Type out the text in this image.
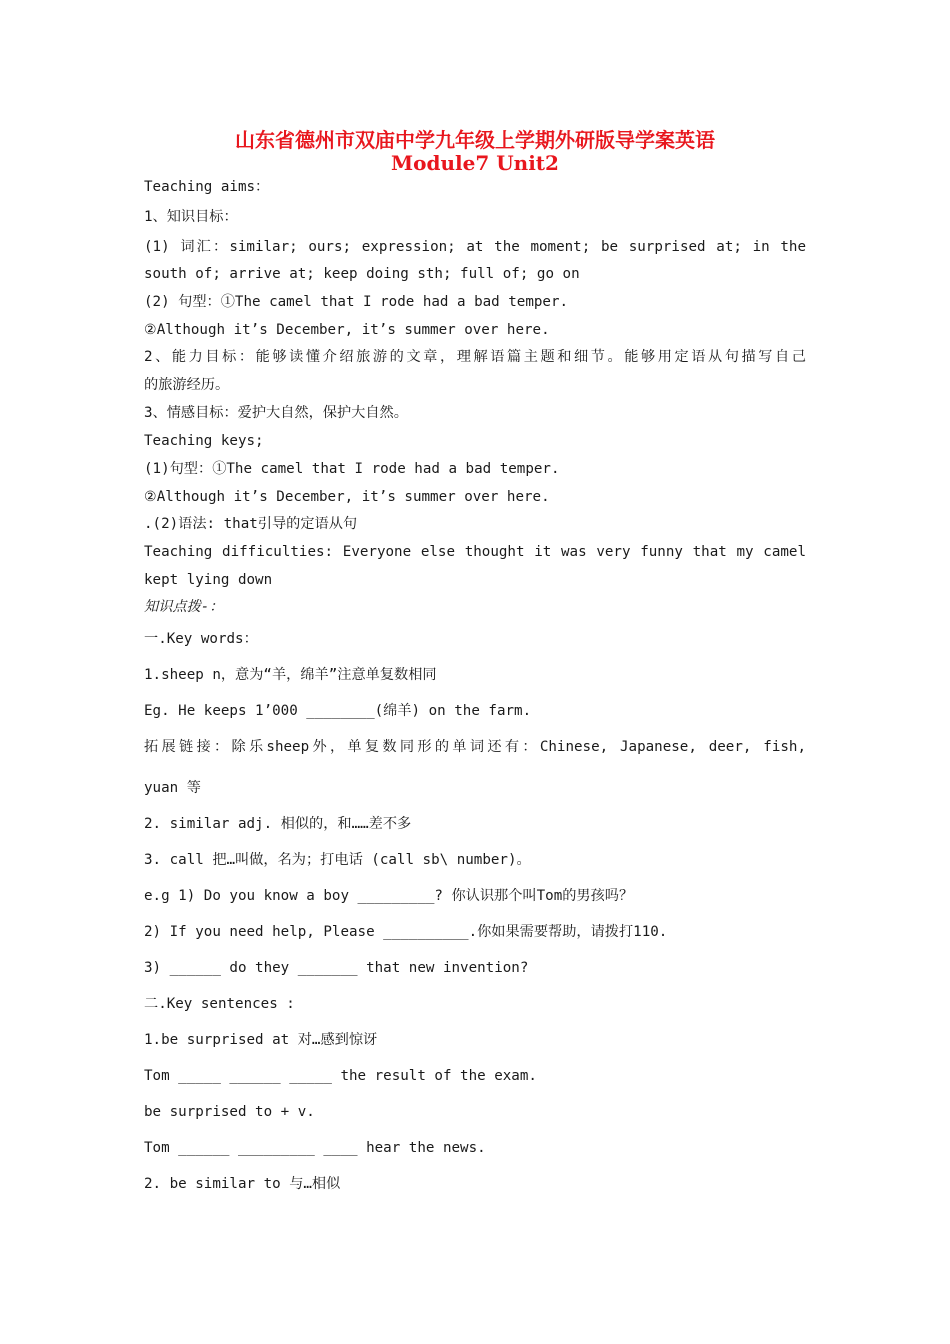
山东省德州市双庙中学九年级上学期外研版导学案英语
Module7 Unit2
Teaching aims：
1、知识目标：
(1) 词汇：similar; ours; expression; at the moment; be surprised at; in the
south of; arrive at; keep doing sth; full of; go on
(2) 句型：①The camel that I rode had a bad temper.
②Although it’s December, it’s summer over here.
2、能力目标：能够读懂介绍旅游的文章，理解语篇主题和细节。能够用定语从句描写自己
的旅游经历。
3、情感目标：爱护大自然，保护大自然。
Teaching keys;
(1)句型：①The camel that I rode had a bad temper.
②Although it’s December, it’s summer over here.
.(2)语法: that引导的定语从句
Teaching difficulties: Everyone else thought it was very funny that my camel
kept lying down
知识点拨-：
一.Key words：
1.sheep n，意为“羊，绵羊”注意单复数相同
Eg. He keeps 1’000 ________(绵羊) on the farm.
拓展链接：除乐sheep外，单复数同形的单词还有：Chinese, Japanese, deer, fish,
yuan 等
2. similar adj. 相似的，和……差不多
3. call 把…叫做，名为；打电话 (call sb\ number)。
e.g 1) Do you know a boy _________? 你认识那个叫Tom的男孩吗？
2) If you need help, Please __________.你如果需要帮助，请拨打110.
3) ______ do they _______ that new invention?
二.Key sentences :
1.be surprised at 对…感到惊讶
Tom _____ ______ _____ the result of the exam.
be surprised to + v.
Tom ______ _________ ____ hear the news.
2. be similar to 与…相似
